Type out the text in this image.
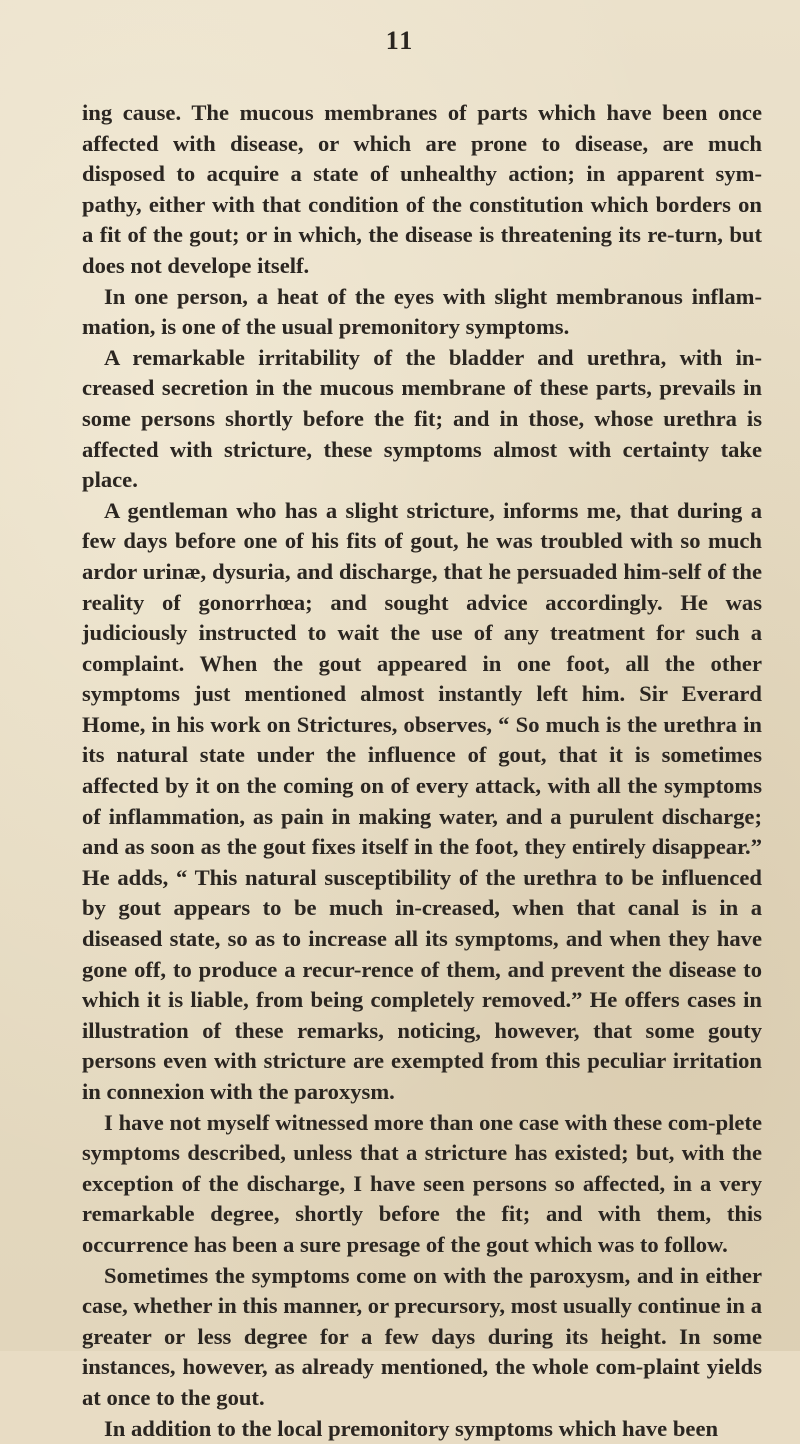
11

ing cause. The mucous membranes of parts which have been once affected with disease, or which are prone to disease, are much disposed to acquire a state of unhealthy action; in apparent sym-pathy, either with that condition of the constitution which borders on a fit of the gout; or in which, the disease is threatening its re-turn, but does not develope itself.

In one person, a heat of the eyes with slight membranous inflam-mation, is one of the usual premonitory symptoms.

A remarkable irritability of the bladder and urethra, with in-creased secretion in the mucous membrane of these parts, prevails in some persons shortly before the fit; and in those, whose urethra is affected with stricture, these symptoms almost with certainty take place.

A gentleman who has a slight stricture, informs me, that during a few days before one of his fits of gout, he was troubled with so much ardor urinæ, dysuria, and discharge, that he persuaded him-self of the reality of gonorrhœa; and sought advice accordingly. He was judiciously instructed to wait the use of any treatment for such a complaint. When the gout appeared in one foot, all the other symptoms just mentioned almost instantly left him. Sir Everard Home, in his work on Strictures, observes, “ So much is the urethra in its natural state under the influence of gout, that it is sometimes affected by it on the coming on of every attack, with all the symptoms of inflammation, as pain in making water, and a purulent discharge; and as soon as the gout fixes itself in the foot, they entirely disappear.” He adds, “ This natural susceptibility of the urethra to be influenced by gout appears to be much in-creased, when that canal is in a diseased state, so as to increase all its symptoms, and when they have gone off, to produce a recur-rence of them, and prevent the disease to which it is liable, from being completely removed.” He offers cases in illustration of these remarks, noticing, however, that some gouty persons even with stricture are exempted from this peculiar irritation in connexion with the paroxysm.

I have not myself witnessed more than one case with these com-plete symptoms described, unless that a stricture has existed; but, with the exception of the discharge, I have seen persons so affected, in a very remarkable degree, shortly before the fit; and with them, this occurrence has been a sure presage of the gout which was to follow.

Sometimes the symptoms come on with the paroxysm, and in either case, whether in this manner, or precursory, most usually continue in a greater or less degree for a few days during its height. In some instances, however, as already mentioned, the whole com-plaint yields at once to the gout.

In addition to the local premonitory symptoms which have been
